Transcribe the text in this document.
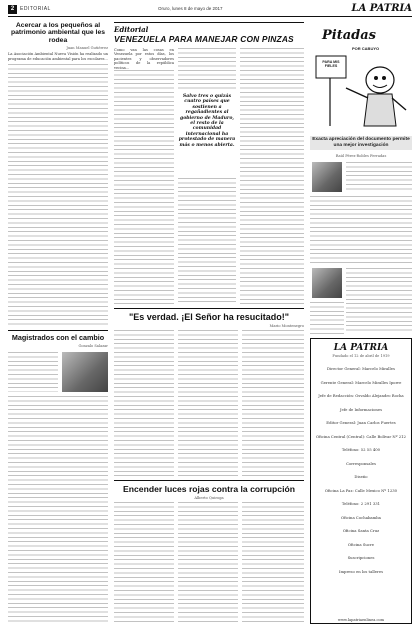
2	EDITORIAL	Oruro, lunes 8 de mayo de 2017	LA PATRIA
Acercar a los pequeños al patrimonio ambiental que les rodea
Juan Manuel Gutiérrez
La Asociación Ambiental Nueva Visión ha realizado un programa de educación ambiental para los escolares...
Magistrados con el cambio
Gonzalo Salazar
Editorial
VENEZUELA PARA MANEJAR CON PINZAS
Como van las cosas en Venezuela por estos días, los pacientes y observadores políticos de la república vecina...
Salvo tres o quizás cuatro países que sostienen a regañadientes al gobierno de Maduro, el resto de la comunidad internacional ha protestado de manera más o menos abierta.
Pitadas
POR CABUYO
PARA MIS FIELES
Exacta apreciación del documento permite una mejor investigación
Raúl Pérez-Robles Ferradas
"Es verdad. ¡El Señor ha resucitado!"
Mario Montenegro
Encender luces rojas contra la corrupción
Alberto Quiroga
LA PATRIA
Fundado el 12 de abril de 1919
Director General: Marcelo Miralles
Gerente General: Marcelo Miralles Iporre
Jefe de Redacción: Osvaldo Alejandro Rocha
Jefe de Informaciones
Editor General: Juan Carlos Fuertes
Oficina Central (Central): Calle Bolívar Nº 212
Teléfono: 52 55 400
Corresponsales
Diseño
Oficina La Paz: Calle Mexico Nº 1230
Teléfono: 2 291 331
Oficina Cochabamba
Oficina Santa Cruz
Oficina Sucre
Suscripciones
Impreso en los talleres
www.lapatriaenlinea.com
